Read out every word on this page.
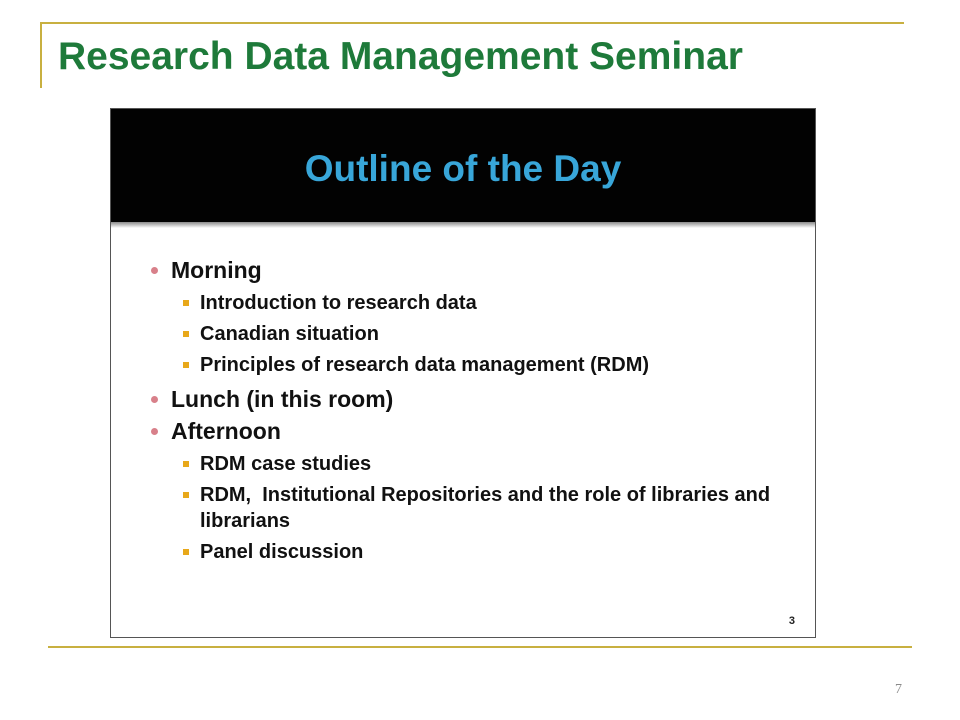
Research Data Management Seminar
Outline of the Day
Morning
Introduction to research data
Canadian situation
Principles of research data management (RDM)
Lunch (in this room)
Afternoon
RDM case studies
RDM,  Institutional Repositories and the role of libraries and librarians
Panel discussion
3
7
